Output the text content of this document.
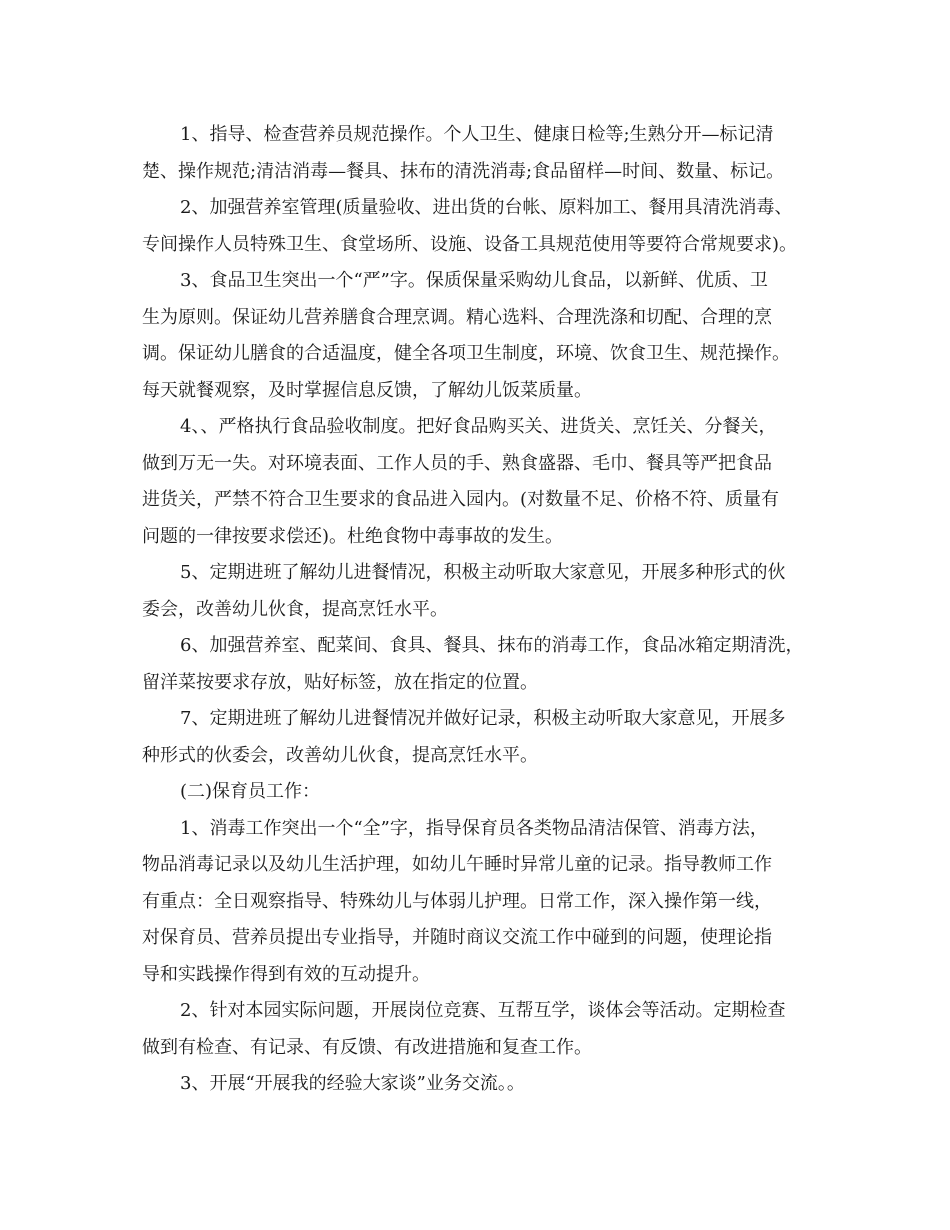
1、指导、检查营养员规范操作。个人卫生、健康日检等;生熟分开—标记清
楚、操作规范;清洁消毒—餐具、抹布的清洗消毒;食品留样—时间、数量、标记。
2、加强营养室管理(质量验收、进出货的台帐、原料加工、餐用具清洗消毒、
专间操作人员特殊卫生、食堂场所、设施、设备工具规范使用等要符合常规要求)。
3、食品卫生突出一个“严”字。保质保量采购幼儿食品，以新鲜、优质、卫
生为原则。保证幼儿营养膳食合理烹调。精心选料、合理洗涤和切配、合理的烹
调。保证幼儿膳食的合适温度，健全各项卫生制度，环境、饮食卫生、规范操作。
每天就餐观察，及时掌握信息反馈，了解幼儿饭菜质量。
4、、严格执行食品验收制度。把好食品购买关、进货关、烹饪关、分餐关，
做到万无一失。对环境表面、工作人员的手、熟食盛器、毛巾、餐具等严把食品
进货关，严禁不符合卫生要求的食品进入园内。(对数量不足、价格不符、质量有
问题的一律按要求偿还)。杜绝食物中毒事故的发生。
5、定期进班了解幼儿进餐情况，积极主动听取大家意见，开展多种形式的伙
委会，改善幼儿伙食，提高烹饪水平。
6、加强营养室、配菜间、食具、餐具、抹布的消毒工作，食品冰箱定期清洗，
留洋菜按要求存放，贴好标签，放在指定的位置。
7、定期进班了解幼儿进餐情况并做好记录，积极主动听取大家意见，开展多
种形式的伙委会，改善幼儿伙食，提高烹饪水平。
(二)保育员工作：
1、消毒工作突出一个“全”字，指导保育员各类物品清洁保管、消毒方法，
物品消毒记录以及幼儿生活护理，如幼儿午睡时异常儿童的记录。指导教师工作
有重点：全日观察指导、特殊幼儿与体弱儿护理。日常工作，深入操作第一线，
对保育员、营养员提出专业指导，并随时商议交流工作中碰到的问题，使理论指
导和实践操作得到有效的互动提升。
2、针对本园实际问题，开展岗位竞赛、互帮互学，谈体会等活动。定期检查
做到有检查、有记录、有反馈、有改进措施和复查工作。
3、开展“开展我的经验大家谈”业务交流。。
